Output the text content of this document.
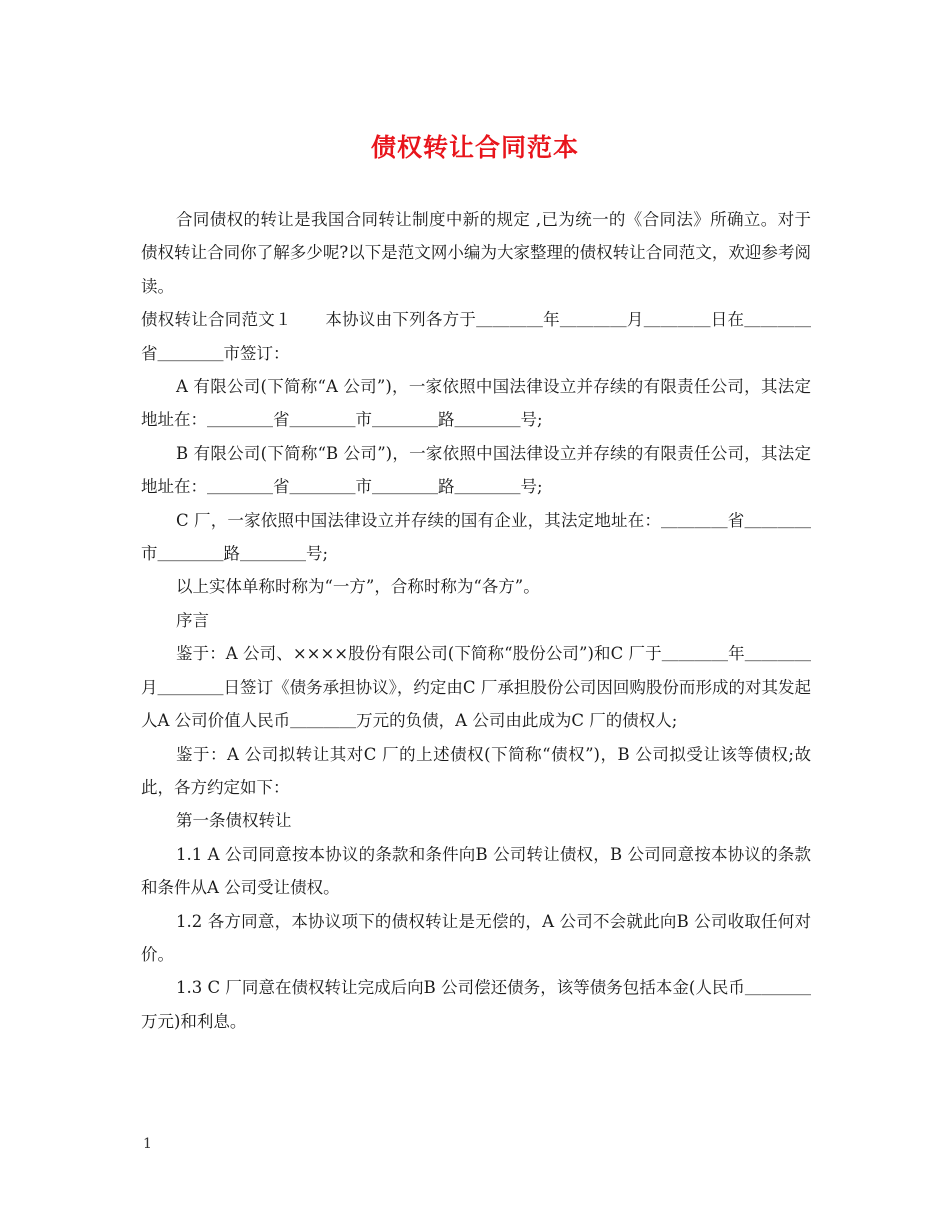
债权转让合同范本

合同债权的转让是我国合同转让制度中新的规定 ,已为统一的《合同法》所确立。对于债权转让合同你了解多少呢?以下是范文网小编为大家整理的债权转让合同范文，欢迎参考阅读。

债权转让合同范文１　　本协议由下列各方于＿＿＿＿年＿＿＿＿月＿＿＿＿日在＿＿＿＿省＿＿＿＿市签订：

A 有限公司(下简称“A 公司”)，一家依照中国法律设立并存续的有限责任公司，其法定地址在：＿＿＿＿省＿＿＿＿市＿＿＿＿路＿＿＿＿号;

B 有限公司(下简称“B 公司”)，一家依照中国法律设立并存续的有限责任公司，其法定地址在：＿＿＿＿省＿＿＿＿市＿＿＿＿路＿＿＿＿号;

C 厂，一家依照中国法律设立并存续的国有企业，其法定地址在：＿＿＿＿省＿＿＿＿市＿＿＿＿路＿＿＿＿号;

以上实体单称时称为“一方”，合称时称为“各方”。

序言

鉴于：A 公司、××××股份有限公司(下简称“股份公司”)和C 厂于＿＿＿＿年＿＿＿＿月＿＿＿＿日签订《债务承担协议》，约定由C 厂承担股份公司因回购股份而形成的对其发起人A 公司价值人民币＿＿＿＿万元的负债，A 公司由此成为C 厂的债权人;

鉴于：A 公司拟转让其对C 厂的上述债权(下简称“债权”)，B 公司拟受让该等债权;故此，各方约定如下：

第一条债权转让

1.1 A 公司同意按本协议的条款和条件向B 公司转让债权，B 公司同意按本协议的条款和条件从A 公司受让债权。

1.2 各方同意，本协议项下的债权转让是无偿的，A 公司不会就此向B 公司收取任何对价。

1.3 C 厂同意在债权转让完成后向B 公司偿还债务，该等债务包括本金(人民币＿＿＿＿万元)和利息。

1
